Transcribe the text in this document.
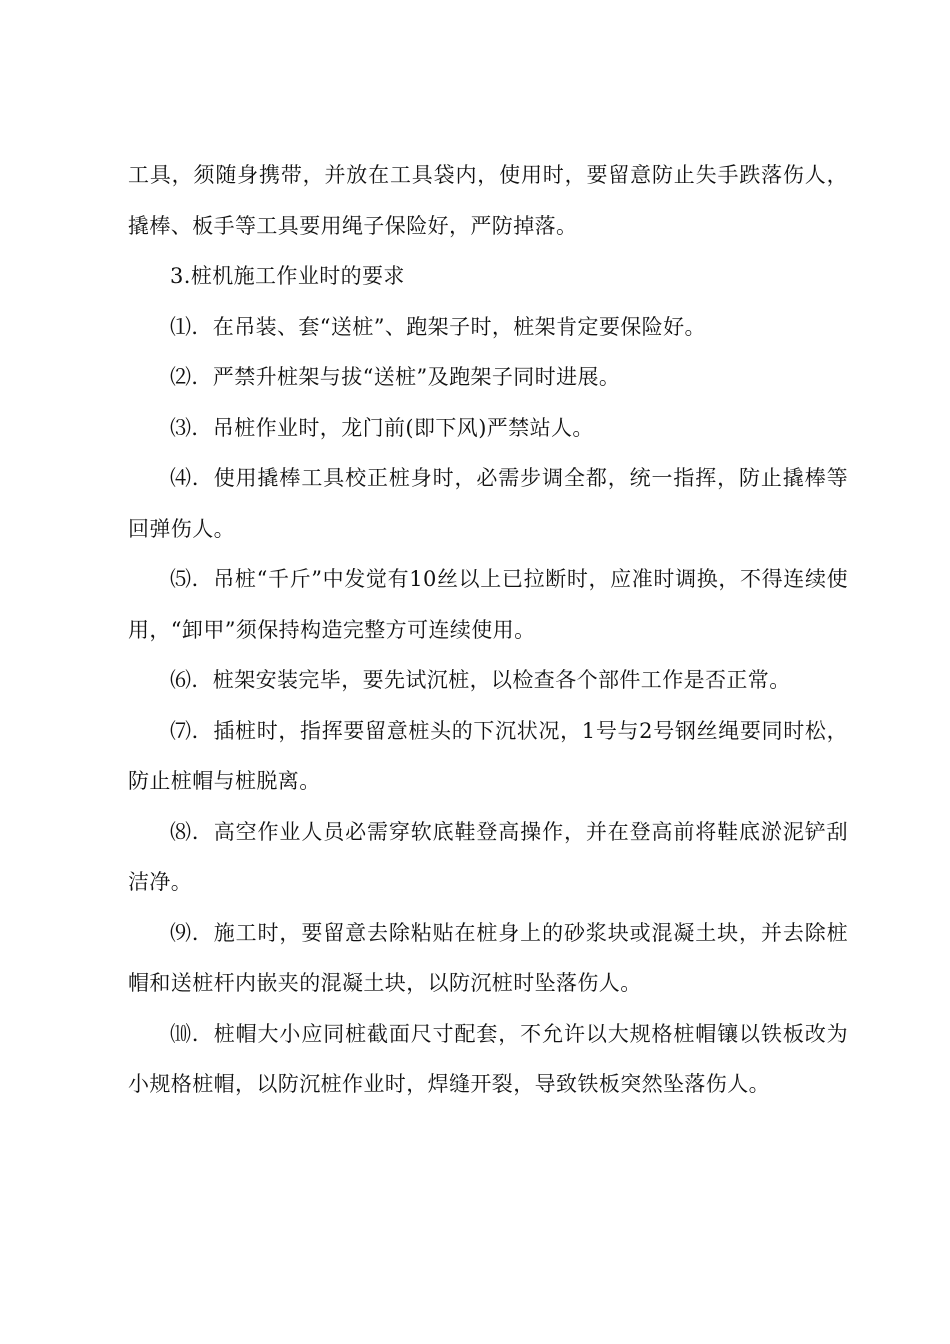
工具，须随身携带，并放在工具袋内，使用时，要留意防止失手跌落伤人，撬棒、板手等工具要用绳子保险好，严防掉落。

3.桩机施工作业时的要求

⑴．在吊装、套“送桩”、跑架子时，桩架肯定要保险好。

⑵．严禁升桩架与拔“送桩”及跑架子同时进展。

⑶．吊桩作业时，龙门前(即下风)严禁站人。

⑷．使用撬棒工具校正桩身时，必需步调全都，统一指挥，防止撬棒等回弹伤人。

⑸．吊桩“千斤”中发觉有10丝以上已拉断时，应准时调换，不得连续使用，“卸甲”须保持构造完整方可连续使用。

⑹．桩架安装完毕，要先试沉桩，以检查各个部件工作是否正常。

⑺．插桩时，指挥要留意桩头的下沉状况，1号与2号钢丝绳要同时松，防止桩帽与桩脱离。

⑻．高空作业人员必需穿软底鞋登高操作，并在登高前将鞋底淤泥铲刮洁净。

⑼．施工时，要留意去除粘贴在桩身上的砂浆块或混凝土块，并去除桩帽和送桩杆内嵌夹的混凝土块，以防沉桩时坠落伤人。

⑽．桩帽大小应同桩截面尺寸配套，不允许以大规格桩帽镶以铁板改为小规格桩帽，以防沉桩作业时，焊缝开裂，导致铁板突然坠落伤人。
